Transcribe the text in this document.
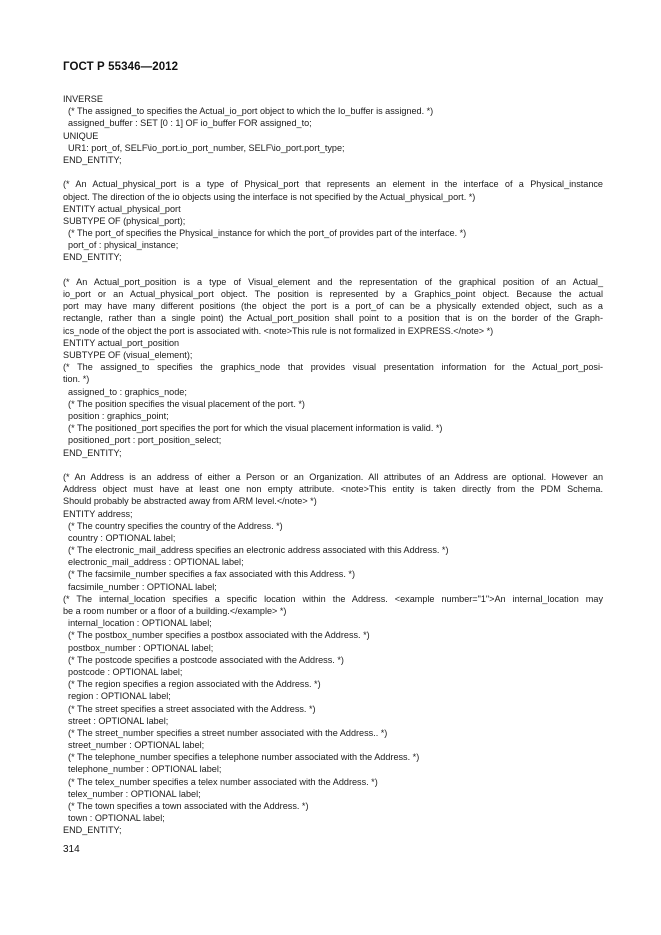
ГОСТ Р 55346—2012
INVERSE
(* The assigned_to specifies the Actual_io_port object to which the Io_buffer is assigned. *)
assigned_buffer : SET [0 : 1] OF io_buffer FOR assigned_to;
UNIQUE
UR1: port_of, SELF\io_port.io_port_number, SELF\io_port.port_type;
END_ENTITY;
(* An Actual_physical_port is a type of Physical_port that represents an element in the interface of a Physical_instance
object. The direction of the io objects using the interface is not specified by the Actual_physical_port. *)
ENTITY actual_physical_port
SUBTYPE OF (physical_port);
(* The port_of specifies the Physical_instance for which the port_of provides part of the interface. *)
port_of : physical_instance;
END_ENTITY;
(* An Actual_port_position is a type of Visual_element and the representation of the graphical position of an Actual_
io_port or an Actual_physical_port object. The position is represented by a Graphics_point object. Because the actual
port may have many different positions (the object the port is a port_of can be a physically extended object, such as a
rectangle, rather than a single point) the Actual_port_position shall point to a position that is on the border of the Graph-
ics_node of the object the port is associated with. <note>This rule is not formalized in EXPRESS.</note> *)
ENTITY actual_port_position
SUBTYPE OF (visual_element);
(* The assigned_to specifies the graphics_node that provides visual presentation information for the Actual_port_posi-
tion. *)
assigned_to : graphics_node;
(* The position specifies the visual placement of the port. *)
position : graphics_point;
(* The positioned_port specifies the port for which the visual placement information is valid. *)
positioned_port : port_position_select;
END_ENTITY;
(* An Address is an address of either a Person or an Organization. All attributes of an Address are optional. However an
Address object must have at least one non empty attribute. <note>This entity is taken directly from the PDM Schema.
Should probably be abstracted away from ARM level.</note> *)
ENTITY address;
(* The country specifies the country of the Address. *)
country : OPTIONAL label;
(* The electronic_mail_address specifies an electronic address associated with this Address. *)
electronic_mail_address : OPTIONAL label;
(* The facsimile_number specifies a fax associated with this Address. *)
facsimile_number : OPTIONAL label;
(* The internal_location specifies a specific location within the Address. <example number="1">An internal_location may
be a room number or a floor of a building.</example> *)
internal_location : OPTIONAL label;
(* The postbox_number specifies a postbox associated with the Address. *)
postbox_number : OPTIONAL label;
(* The postcode specifies a postcode associated with the Address. *)
postcode : OPTIONAL label;
(* The region specifies a region associated with the Address. *)
region : OPTIONAL label;
(* The street specifies a street associated with the Address. *)
street : OPTIONAL label;
(* The street_number specifies a street number associated with the Address.. *)
street_number : OPTIONAL label;
(* The telephone_number specifies a telephone number associated with the Address. *)
telephone_number : OPTIONAL label;
(* The telex_number specifies a telex number associated with the Address. *)
telex_number : OPTIONAL label;
(* The town specifies a town associated with the Address. *)
town : OPTIONAL label;
END_ENTITY;
314
